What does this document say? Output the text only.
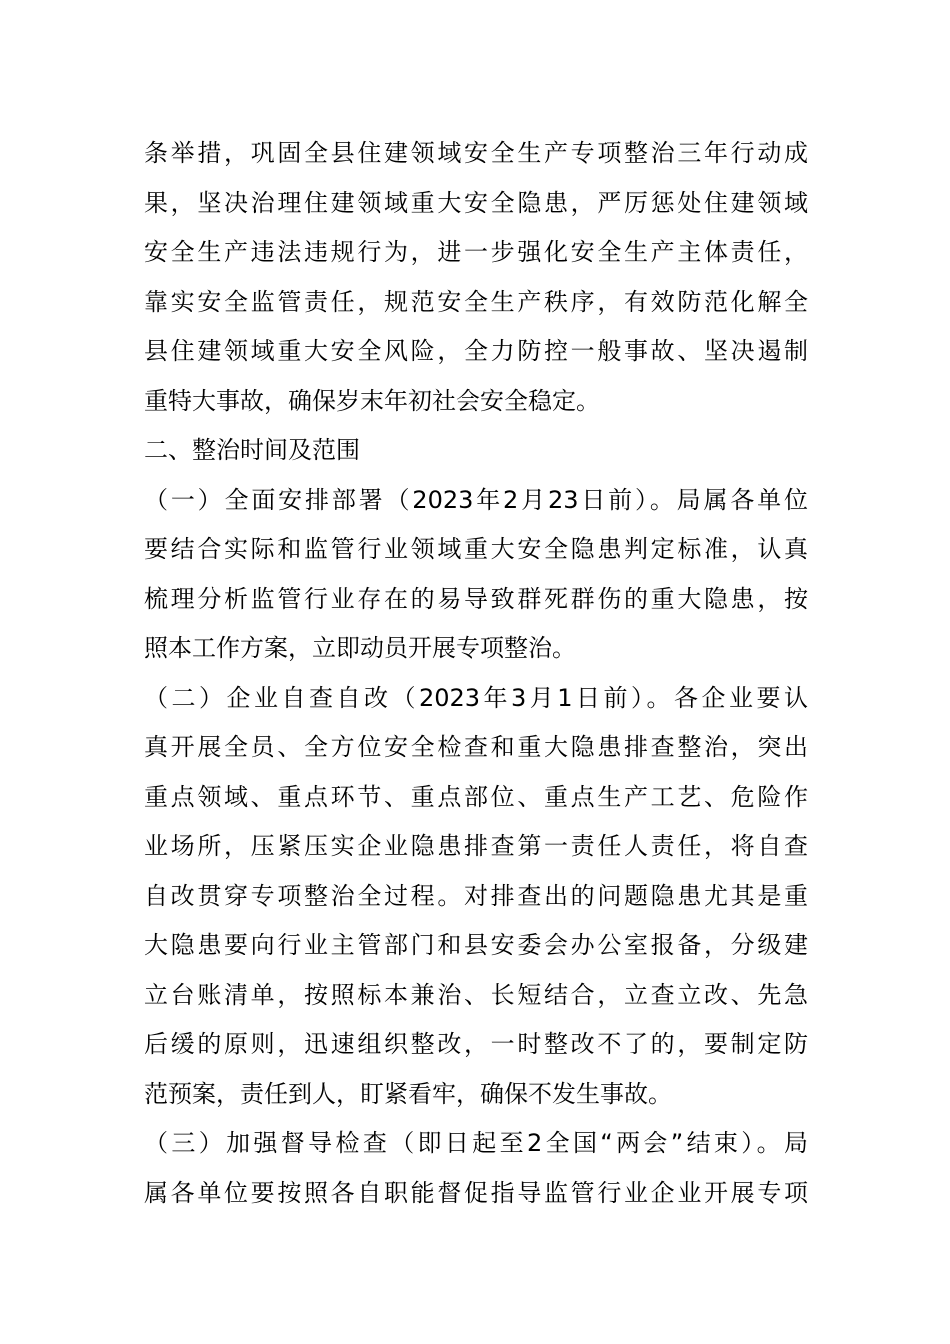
条举措，巩固全县住建领域安全生产专项整治三年行动成
果，坚决治理住建领域重大安全隐患，严厉惩处住建领域
安全生产违法违规行为，进一步强化安全生产主体责任，
靠实安全监管责任，规范安全生产秩序，有效防范化解全
县住建领域重大安全风险，全力防控一般事故、坚决遏制
重特大事故，确保岁末年初社会安全稳定。
二、整治时间及范围
（一）全面安排部署（2023年2月23日前）。局属各单位
要结合实际和监管行业领域重大安全隐患判定标准，认真
梳理分析监管行业存在的易导致群死群伤的重大隐患，按
照本工作方案，立即动员开展专项整治。
（二）企业自查自改（2023年3月1日前）。各企业要认
真开展全员、全方位安全检查和重大隐患排查整治，突出
重点领域、重点环节、重点部位、重点生产工艺、危险作
业场所，压紧压实企业隐患排查第一责任人责任，将自查
自改贯穿专项整治全过程。对排查出的问题隐患尤其是重
大隐患要向行业主管部门和县安委会办公室报备，分级建
立台账清单，按照标本兼治、长短结合，立查立改、先急
后缓的原则，迅速组织整改，一时整改不了的，要制定防
范预案，责任到人，盯紧看牢，确保不发生事故。
（三）加强督导检查（即日起至2全国“两会”结束）。局
属各单位要按照各自职能督促指导监管行业企业开展专项
